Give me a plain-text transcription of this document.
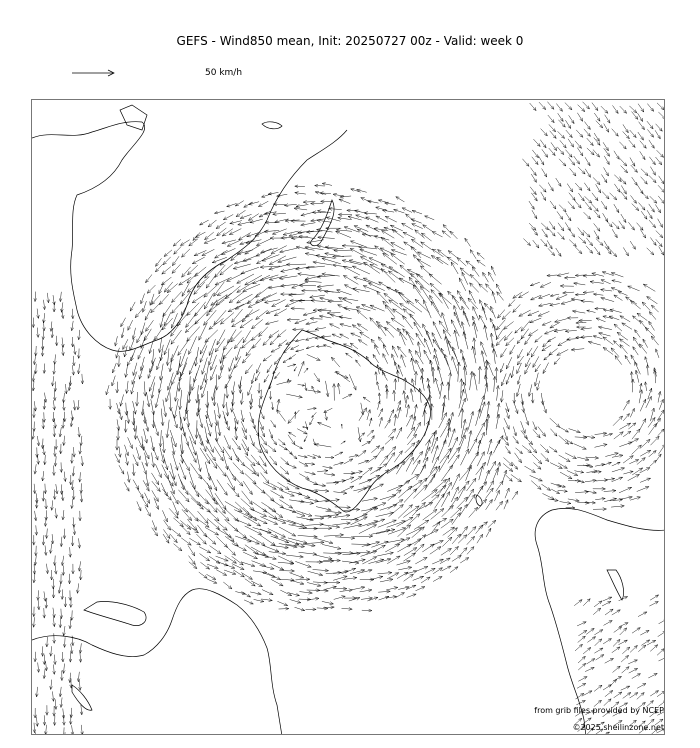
GEFS - Wind850 mean, Init: 20250727 00z - Valid: week 0
50 km/h
from grib files provided by NCEP
©2025 sheilinzone.net
